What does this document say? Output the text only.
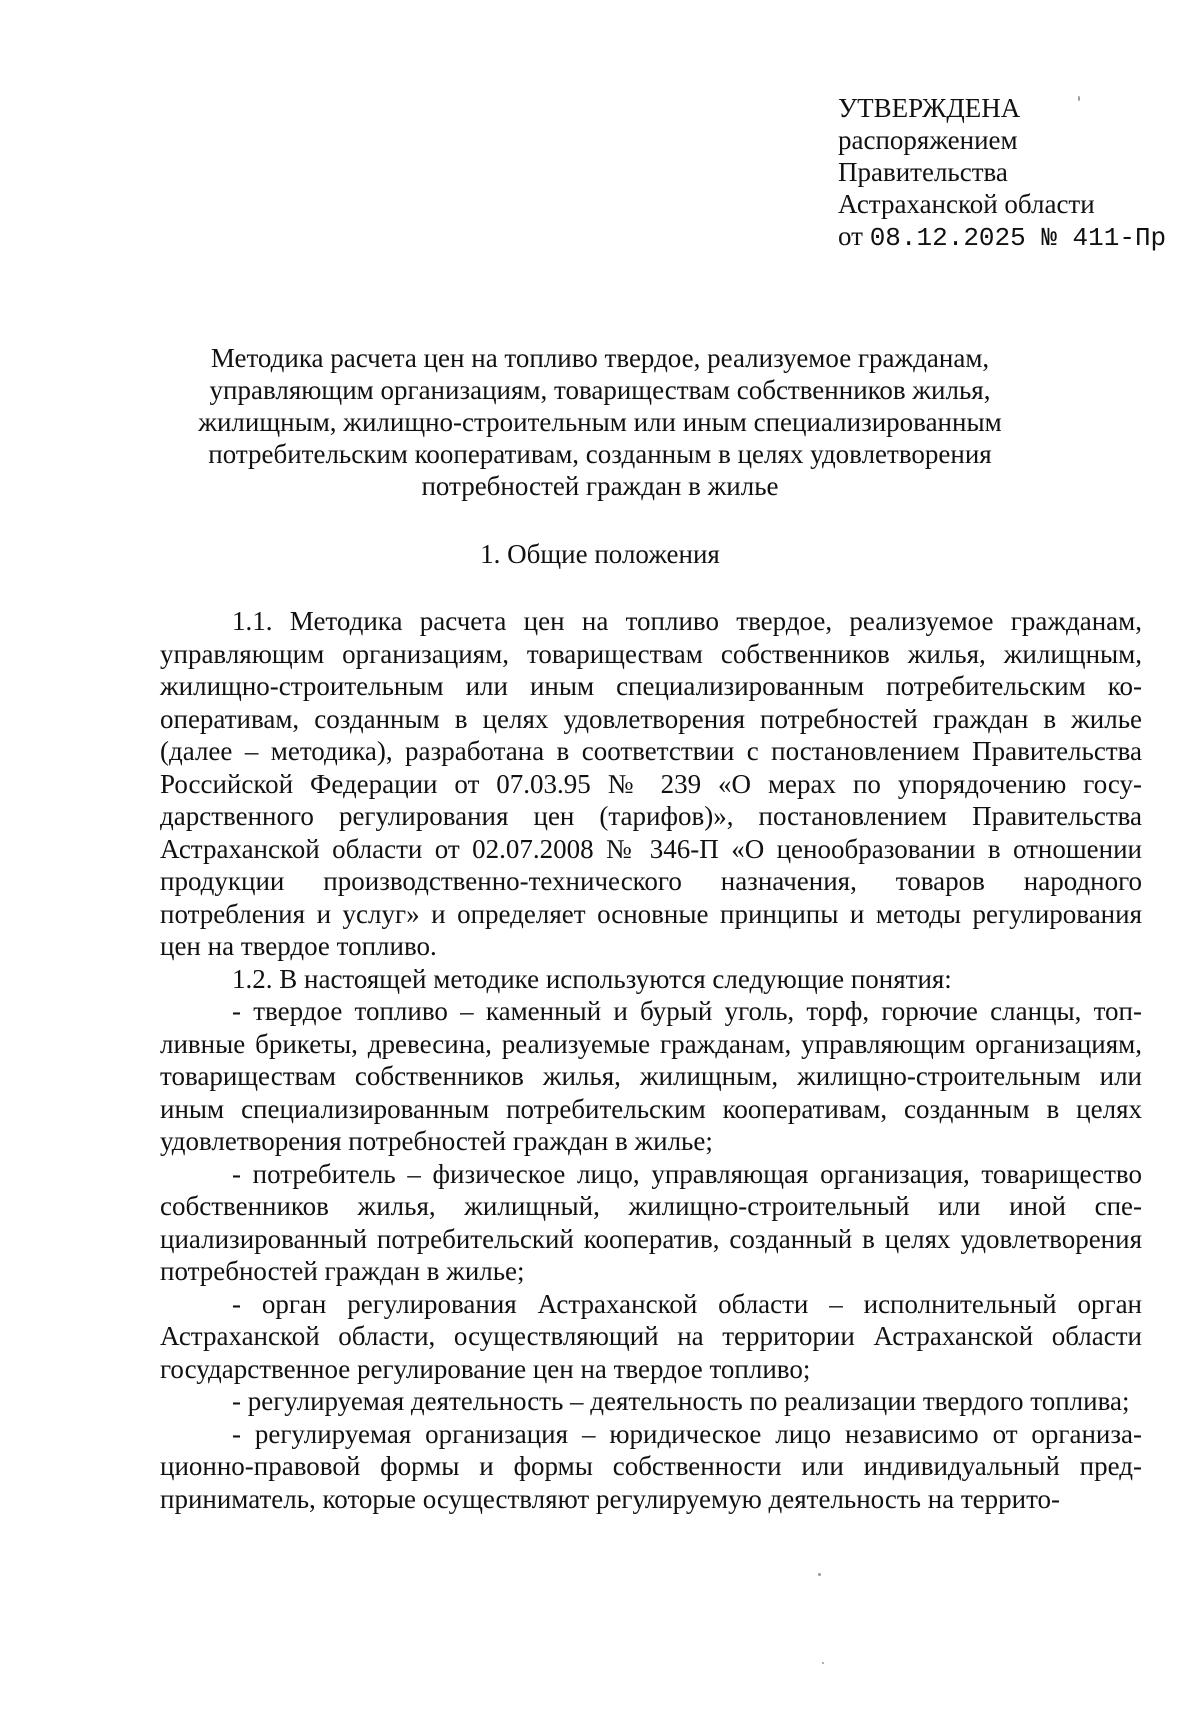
УТВЕРЖДЕНА
распоряжением
Правительства
Астраханской области
от 08.12.2025 № 411-Пр
Методика расчета цен на топливо твердое, реализуемое гражданам,
управляющим организациям, товариществам собственников жилья,
жилищным, жилищно-строительным или иным специализированным
потребительским кооперативам, созданным в целях удовлетворения
потребностей граждан в жилье
1. Общие положения

1.1. Методика расчета цен на топливо твердое, реализуемое гражданам, управляющим организациям, товариществам собственников жилья, жилищным, жилищно-строительным или иным специализированным потребительским кооперативам, созданным в целях удовлетворения потребностей граждан в жилье (далее – методика), разработана в соответствии с постановлением Правительства Российской Федерации от 07.03.95 № 239 «О мерах по упорядочению государственного регулирования цен (тарифов)», постановлением Правительства Астраханской области от 02.07.2008 № 346-П «О ценообразовании в отношении продукции производственно-технического назначения, товаров народного потребления и услуг» и определяет основные принципы и методы регулирования цен на твердое топливо.

1.2. В настоящей методике используются следующие понятия:

- твердое топливо – каменный и бурый уголь, торф, горючие сланцы, топливные брикеты, древесина, реализуемые гражданам, управляющим организациям, товариществам собственников жилья, жилищным, жилищно-строительным или иным специализированным потребительским кооперативам, созданным в целях удовлетворения потребностей граждан в жилье;

- потребитель – физическое лицо, управляющая организация, товарищество собственников жилья, жилищный, жилищно-строительный или иной специализированный потребительский кооператив, созданный в целях удовлетворения потребностей граждан в жилье;

- орган регулирования Астраханской области – исполнительный орган Астраханской области, осуществляющий на территории Астраханской области государственное регулирование цен на твердое топливо;

- регулируемая деятельность – деятельность по реализации твердого топлива;

- регулируемая организация – юридическое лицо независимо от организационно-правовой формы и формы собственности или индивидуальный предприниматель, которые осуществляют регулируемую деятельность на террито-
